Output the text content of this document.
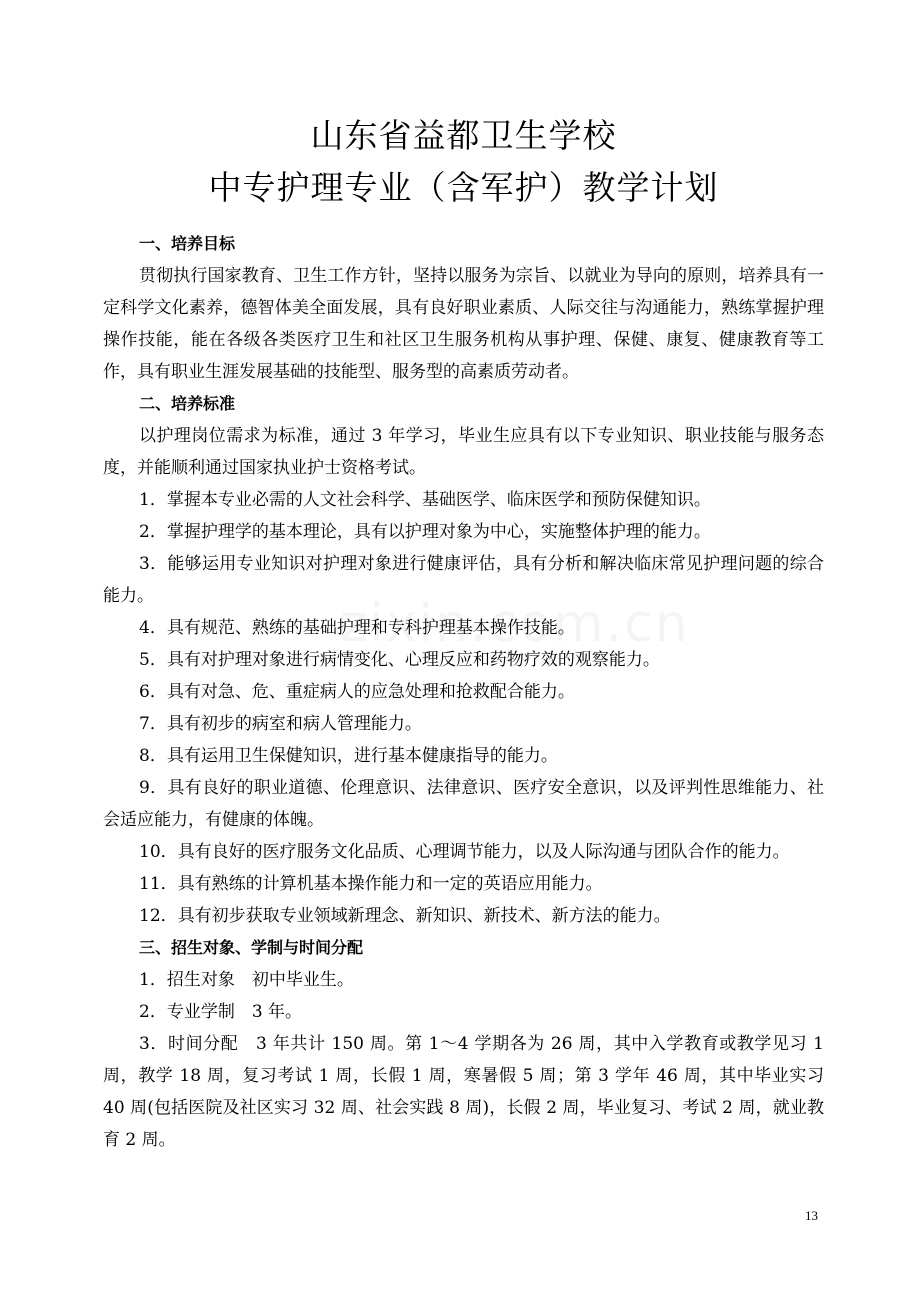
山东省益都卫生学校
中专护理专业（含军护）教学计划

一、培养目标

贯彻执行国家教育、卫生工作方针，坚持以服务为宗旨、以就业为导向的原则，培养具有一定科学文化素养，德智体美全面发展，具有良好职业素质、人际交往与沟通能力，熟练掌握护理操作技能，能在各级各类医疗卫生和社区卫生服务机构从事护理、保健、康复、健康教育等工作，具有职业生涯发展基础的技能型、服务型的高素质劳动者。

二、培养标准

以护理岗位需求为标准，通过 3 年学习，毕业生应具有以下专业知识、职业技能与服务态度，并能顺利通过国家执业护士资格考试。

1．掌握本专业必需的人文社会科学、基础医学、临床医学和预防保健知识。

2．掌握护理学的基本理论，具有以护理对象为中心，实施整体护理的能力。

3．能够运用专业知识对护理对象进行健康评估，具有分析和解决临床常见护理问题的综合能力。

4．具有规范、熟练的基础护理和专科护理基本操作技能。

5．具有对护理对象进行病情变化、心理反应和药物疗效的观察能力。

6．具有对急、危、重症病人的应急处理和抢救配合能力。

7．具有初步的病室和病人管理能力。

8．具有运用卫生保健知识，进行基本健康指导的能力。

9．具有良好的职业道德、伦理意识、法律意识、医疗安全意识，以及评判性思维能力、社会适应能力，有健康的体魄。

10．具有良好的医疗服务文化品质、心理调节能力，以及人际沟通与团队合作的能力。

11．具有熟练的计算机基本操作能力和一定的英语应用能力。

12．具有初步获取专业领域新理念、新知识、新技术、新方法的能力。

三、招生对象、学制与时间分配

1．招生对象　初中毕业生。

2．专业学制　3 年。

3．时间分配　3 年共计 150 周。第 1～4 学期各为 26 周，其中入学教育或教学见习 1 周，教学 18 周，复习考试 1 周，长假 1 周，寒暑假 5 周；第 3 学年 46 周，其中毕业实习 40 周(包括医院及社区实习 32 周、社会实践 8 周)，长假 2 周，毕业复习、考试 2 周，就业教育 2 周。

13
